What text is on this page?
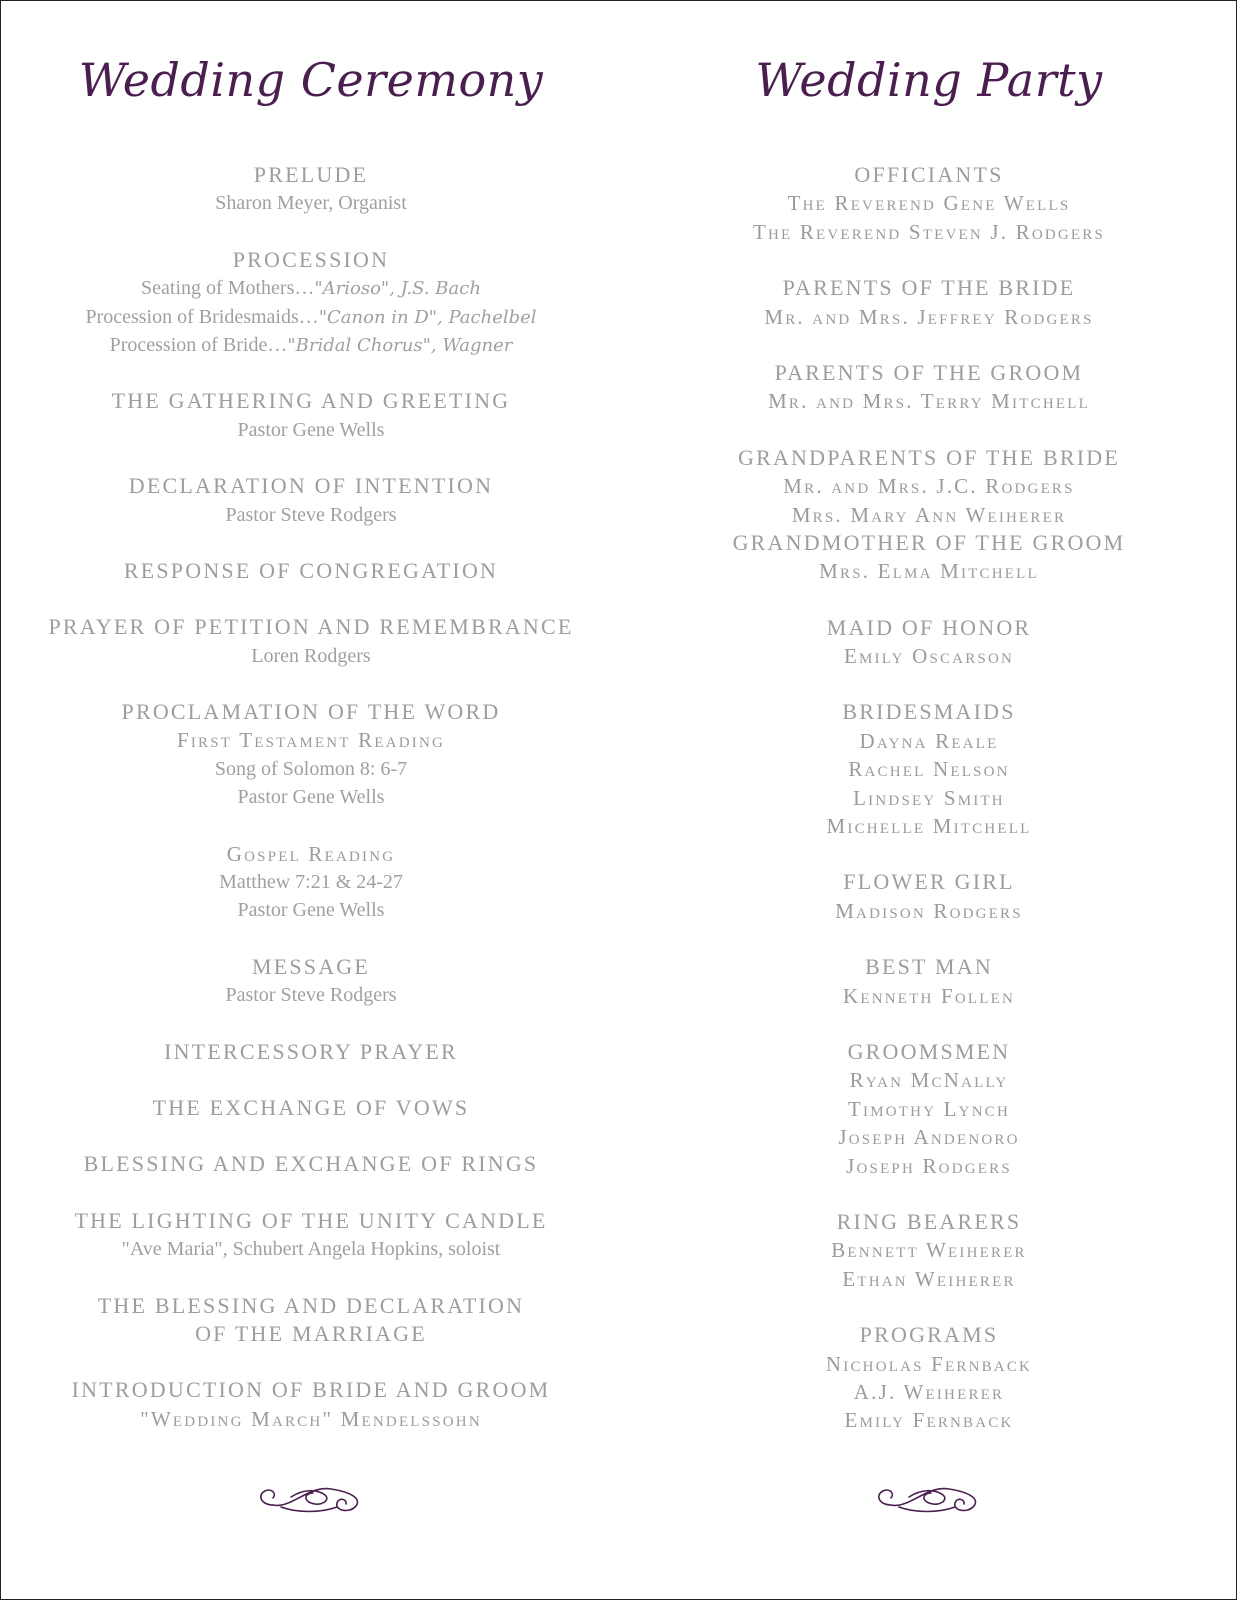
Wedding Ceremony
PRELUDE
Sharon Meyer, Organist
PROCESSION
Seating of Mothers…"Arioso", J.S. Bach
Procession of Bridesmaids…"Canon in D", Pachelbel
Procession of Bride…"Bridal Chorus", Wagner
THE GATHERING AND GREETING
Pastor Gene Wells
DECLARATION OF INTENTION
Pastor Steve Rodgers
RESPONSE OF CONGREGATION
PRAYER OF PETITION AND REMEMBRANCE
Loren Rodgers
PROCLAMATION OF THE WORD
First Testament Reading
Song of Solomon 8: 6-7
Pastor Gene Wells
Gospel Reading
Matthew 7:21 & 24-27
Pastor Gene Wells
MESSAGE
Pastor Steve Rodgers
INTERCESSORY PRAYER
THE EXCHANGE OF VOWS
BLESSING AND EXCHANGE OF RINGS
THE LIGHTING OF THE UNITY CANDLE
"Ave Maria", Schubert Angela Hopkins, soloist
THE BLESSING AND DECLARATION
OF THE MARRIAGE
INTRODUCTION OF BRIDE AND GROOM
"Wedding March" Mendelssohn
Wedding Party
OFFICIANTS
The Reverend Gene Wells
The Reverend Steven J. Rodgers
PARENTS OF THE BRIDE
Mr. and Mrs. Jeffrey Rodgers
PARENTS OF THE GROOM
Mr. and Mrs. Terry Mitchell
GRANDPARENTS OF THE BRIDE
Mr. and Mrs. J.C. Rodgers
Mrs. Mary Ann Weiherer
GRANDMOTHER OF THE GROOM
Mrs. Elma Mitchell
MAID OF HONOR
Emily Oscarson
BRIDESMAIDS
Dayna Reale
Rachel Nelson
Lindsey Smith
Michelle Mitchell
FLOWER GIRL
Madison Rodgers
BEST MAN
Kenneth Follen
GROOMSMEN
Ryan McNally
Timothy Lynch
Joseph Andenoro
Joseph Rodgers
RING BEARERS
Bennett Weiherer
Ethan Weiherer
PROGRAMS
Nicholas Fernback
A.J. Weiherer
Emily Fernback
